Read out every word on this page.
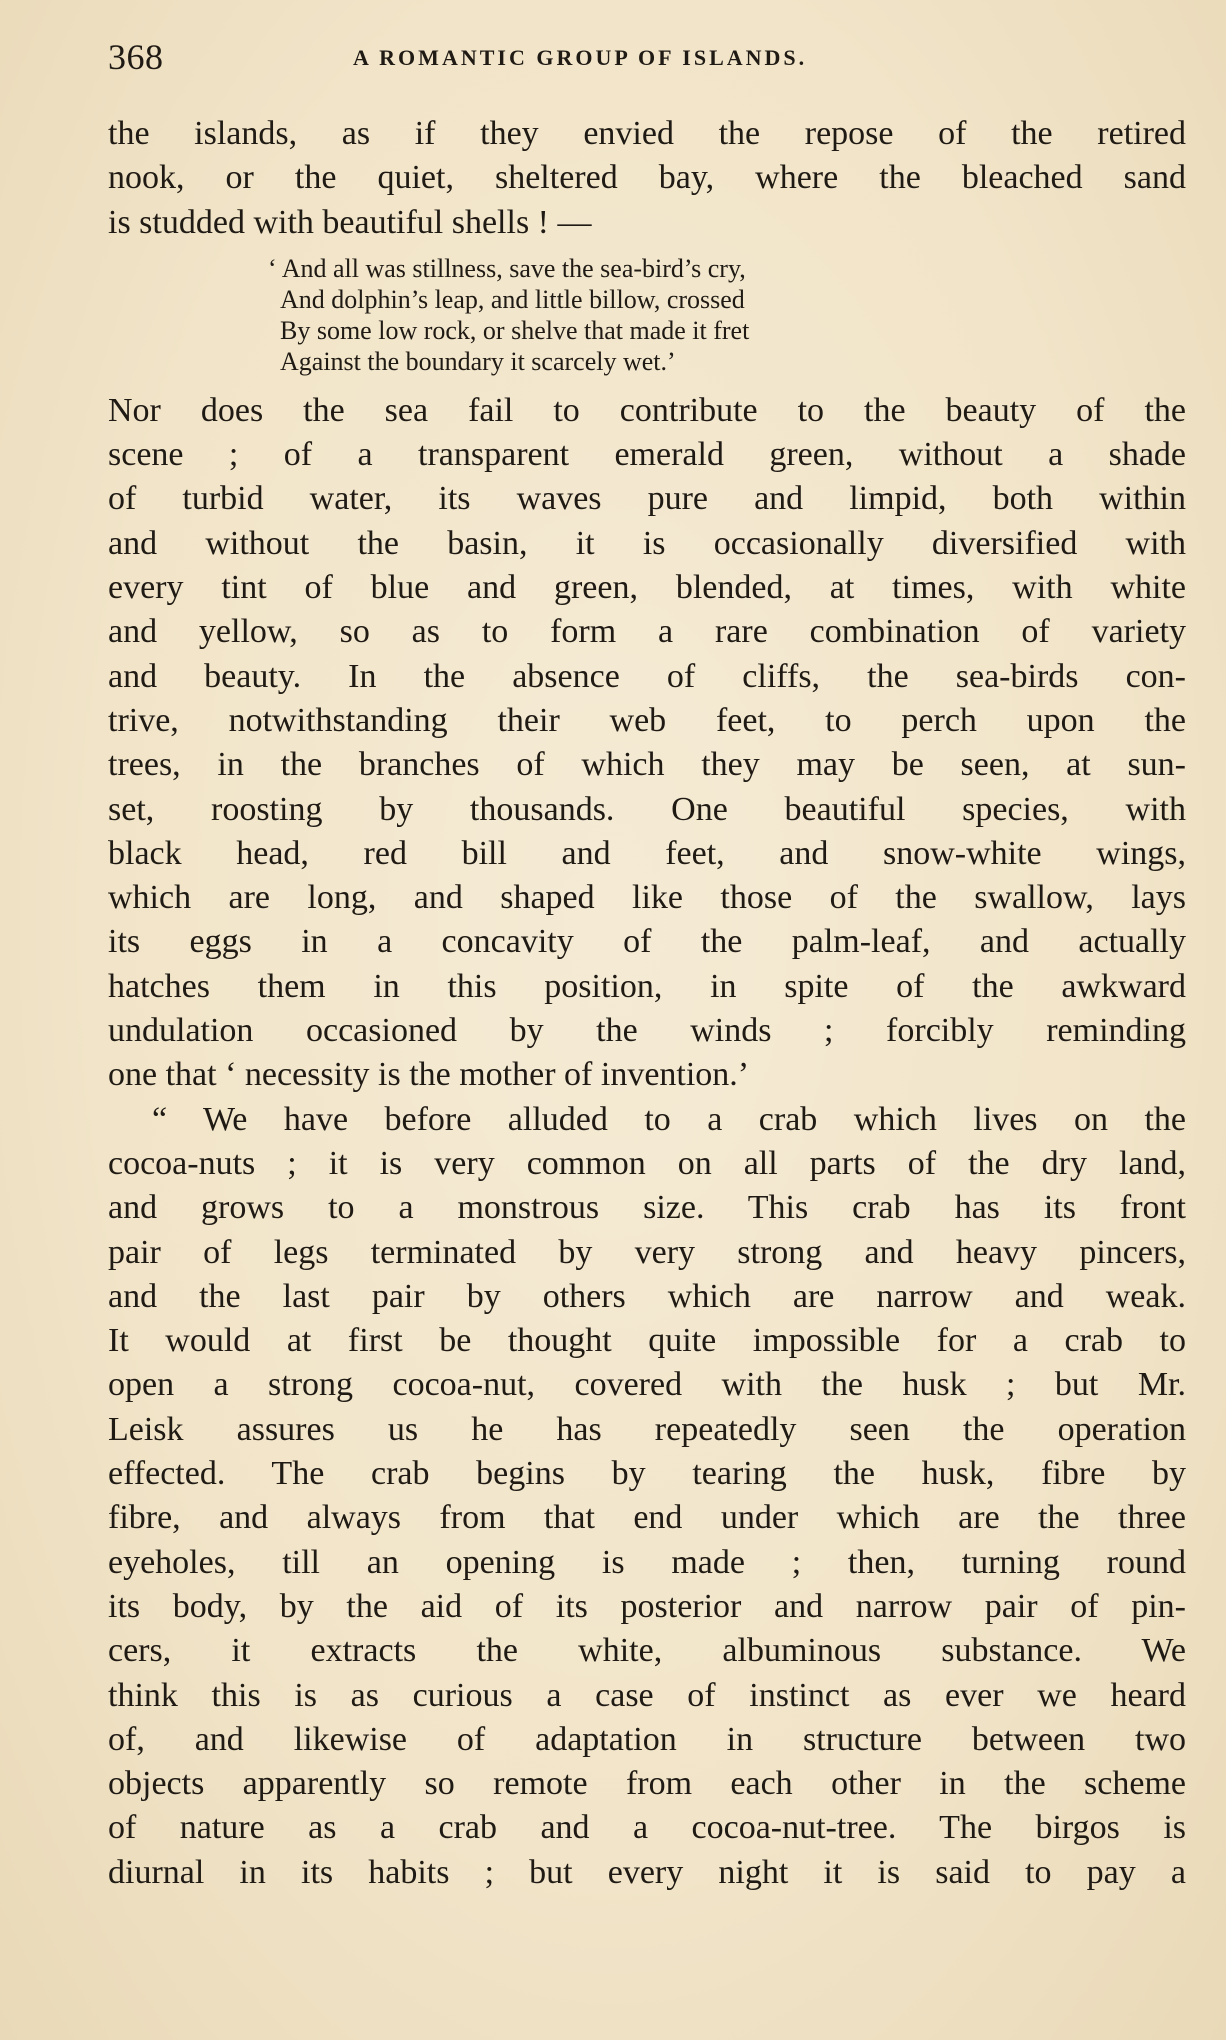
368	A ROMANTIC GROUP OF ISLANDS.
the islands, as if they envied the repose of the retired
nook, or the quiet, sheltered bay, where the bleached sand
is studded with beautiful shells ! —
‘ And all was stillness, save the sea-bird’s cry,
And dolphin’s leap, and little billow, crossed
By some low rock, or shelve that made it fret
Against the boundary it scarcely wet.’
Nor does the sea fail to contribute to the beauty of the
scene ; of a transparent emerald green, without a shade
of turbid water, its waves pure and limpid, both within
and without the basin, it is occasionally diversified with
every tint of blue and green, blended, at times, with white
and yellow, so as to form a rare combination of variety
and beauty. In the absence of cliffs, the sea-birds con-
trive, notwithstanding their web feet, to perch upon the
trees, in the branches of which they may be seen, at sun-
set, roosting by thousands. One beautiful species, with
black head, red bill and feet, and snow-white wings,
which are long, and shaped like those of the swallow, lays
its eggs in a concavity of the palm-leaf, and actually
hatches them in this position, in spite of the awkward
undulation occasioned by the winds ; forcibly reminding
one that ‘ necessity is the mother of invention.’
“ We have before alluded to a crab which lives on the
cocoa-nuts ; it is very common on all parts of the dry land,
and grows to a monstrous size. This crab has its front
pair of legs terminated by very strong and heavy pincers,
and the last pair by others which are narrow and weak.
It would at first be thought quite impossible for a crab to
open a strong cocoa-nut, covered with the husk ; but Mr.
Leisk assures us he has repeatedly seen the operation
effected. The crab begins by tearing the husk, fibre by
fibre, and always from that end under which are the three
eyeholes, till an opening is made ; then, turning round
its body, by the aid of its posterior and narrow pair of pin-
cers, it extracts the white, albuminous substance. We
think this is as curious a case of instinct as ever we heard
of, and likewise of adaptation in structure between two
objects apparently so remote from each other in the scheme
of nature as a crab and a cocoa-nut-tree. The birgos is
diurnal in its habits ; but every night it is said to pay a
